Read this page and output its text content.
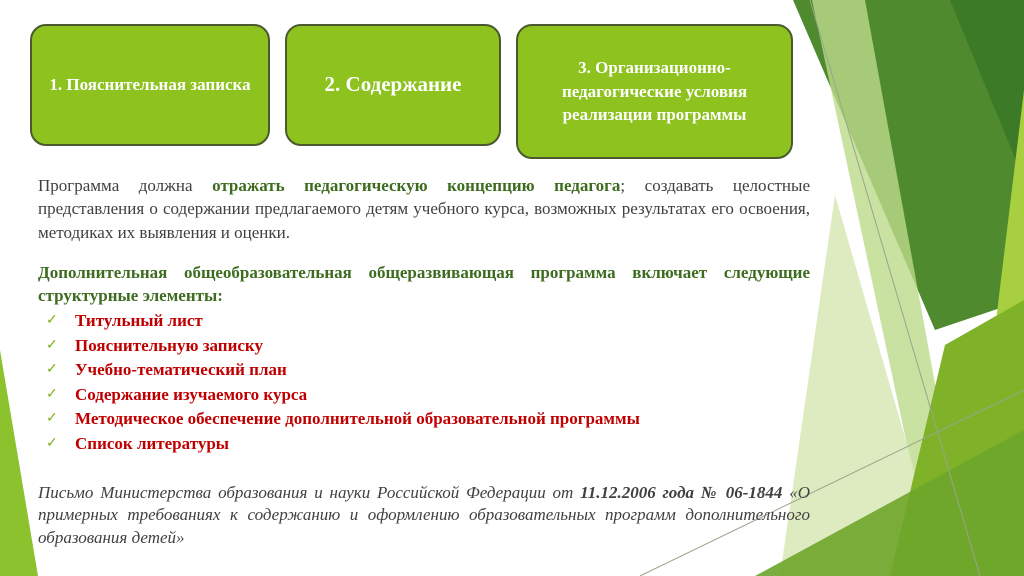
1. Пояснительная записка	2. Содержание
3. Организационно-педагогические условия реализации программы
Программа должна отражать педагогическую концепцию педагога; создавать целостные представления о содержании предлагаемого детям учебного курса, возможных результатах его освоения, методиках их выявления и оценки.
Дополнительная общеобразовательная общеразвивающая программа включает следующие структурные элементы:
✓ Титульный лист
✓ Пояснительную записку
✓ Учебно-тематический план
✓ Содержание изучаемого курса
✓ Методическое обеспечение дополнительной образовательной программы
✓ Список литературы
Письмо Министерства образования и науки Российской Федерации от 11.12.2006 года № 06-1844 «О примерных требованиях к содержанию и оформлению образовательных программ дополнительного образования детей»
